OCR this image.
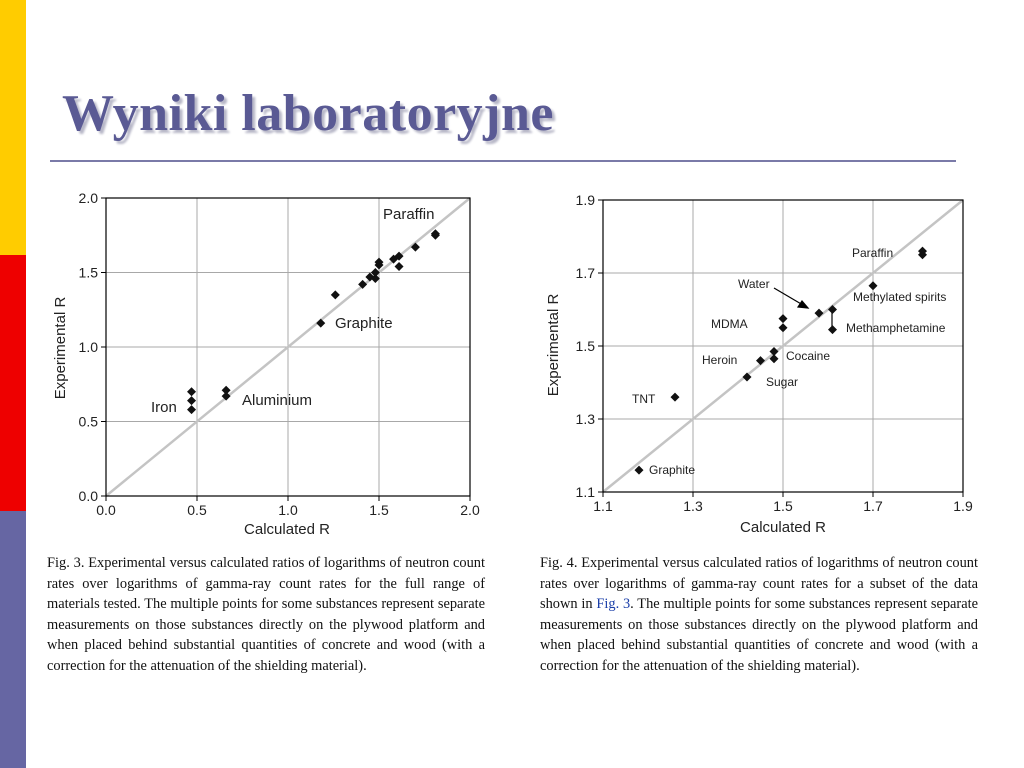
Wyniki laboratoryjne
0.0	0.5	1.0	1.5	2.0
0.0
0.5
1.0
1.5
2.0
Paraffin
Graphite
Iron	Aluminium
Calculated R
Experimental R
1.1	1.3	1.5	1.7	1.9
1.1
1.3
1.5
1.7
1.9
Paraffin
Water
Methylated spirits
MDMA	Methamphetamine
Heroin	Cocaine
Sugar
TNT
Graphite
Calculated R
Experimental R

Fig. 3. Experimental versus calculated ratios of logarithms of neutron count rates over logarithms of gamma-ray count rates for the full range of materials tested. The multiple points for some substances represent separate measurements on those substances directly on the plywood platform and when placed behind substantial quantities of concrete and wood (with a correction for the attenuation of the shielding material).

Fig. 4. Experimental versus calculated ratios of logarithms of neutron count rates over logarithms of gamma-ray count rates for a subset of the data shown in Fig. 3. The multiple points for some substances represent separate measurements on those substances directly on the plywood platform and when placed behind substantial quantities of concrete and wood (with a correction for the attenuation of the shielding material).
